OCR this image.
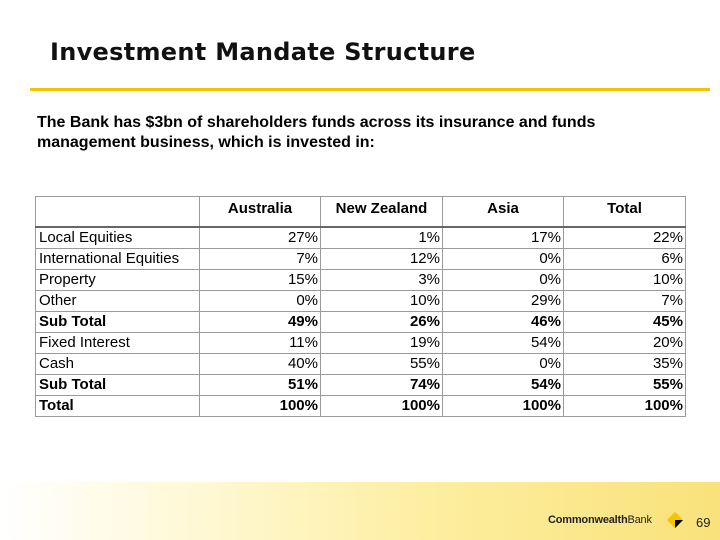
Investment Mandate Structure
The Bank has $3bn of shareholders funds across its insurance and funds management business, which is invested in:
	Australia	New Zealand	Asia	Total
Local Equities	27%	1%	17%	22%
International Equities	7%	12%	0%	6%
Property	15%	3%	0%	10%
Other	0%	10%	29%	7%
Sub Total	49%	26%	46%	45%
Fixed Interest	11%	19%	54%	20%
Cash	40%	55%	0%	35%
Sub Total	51%	74%	54%	55%
Total	100%	100%	100%	100%
CommonwealthBank	69
